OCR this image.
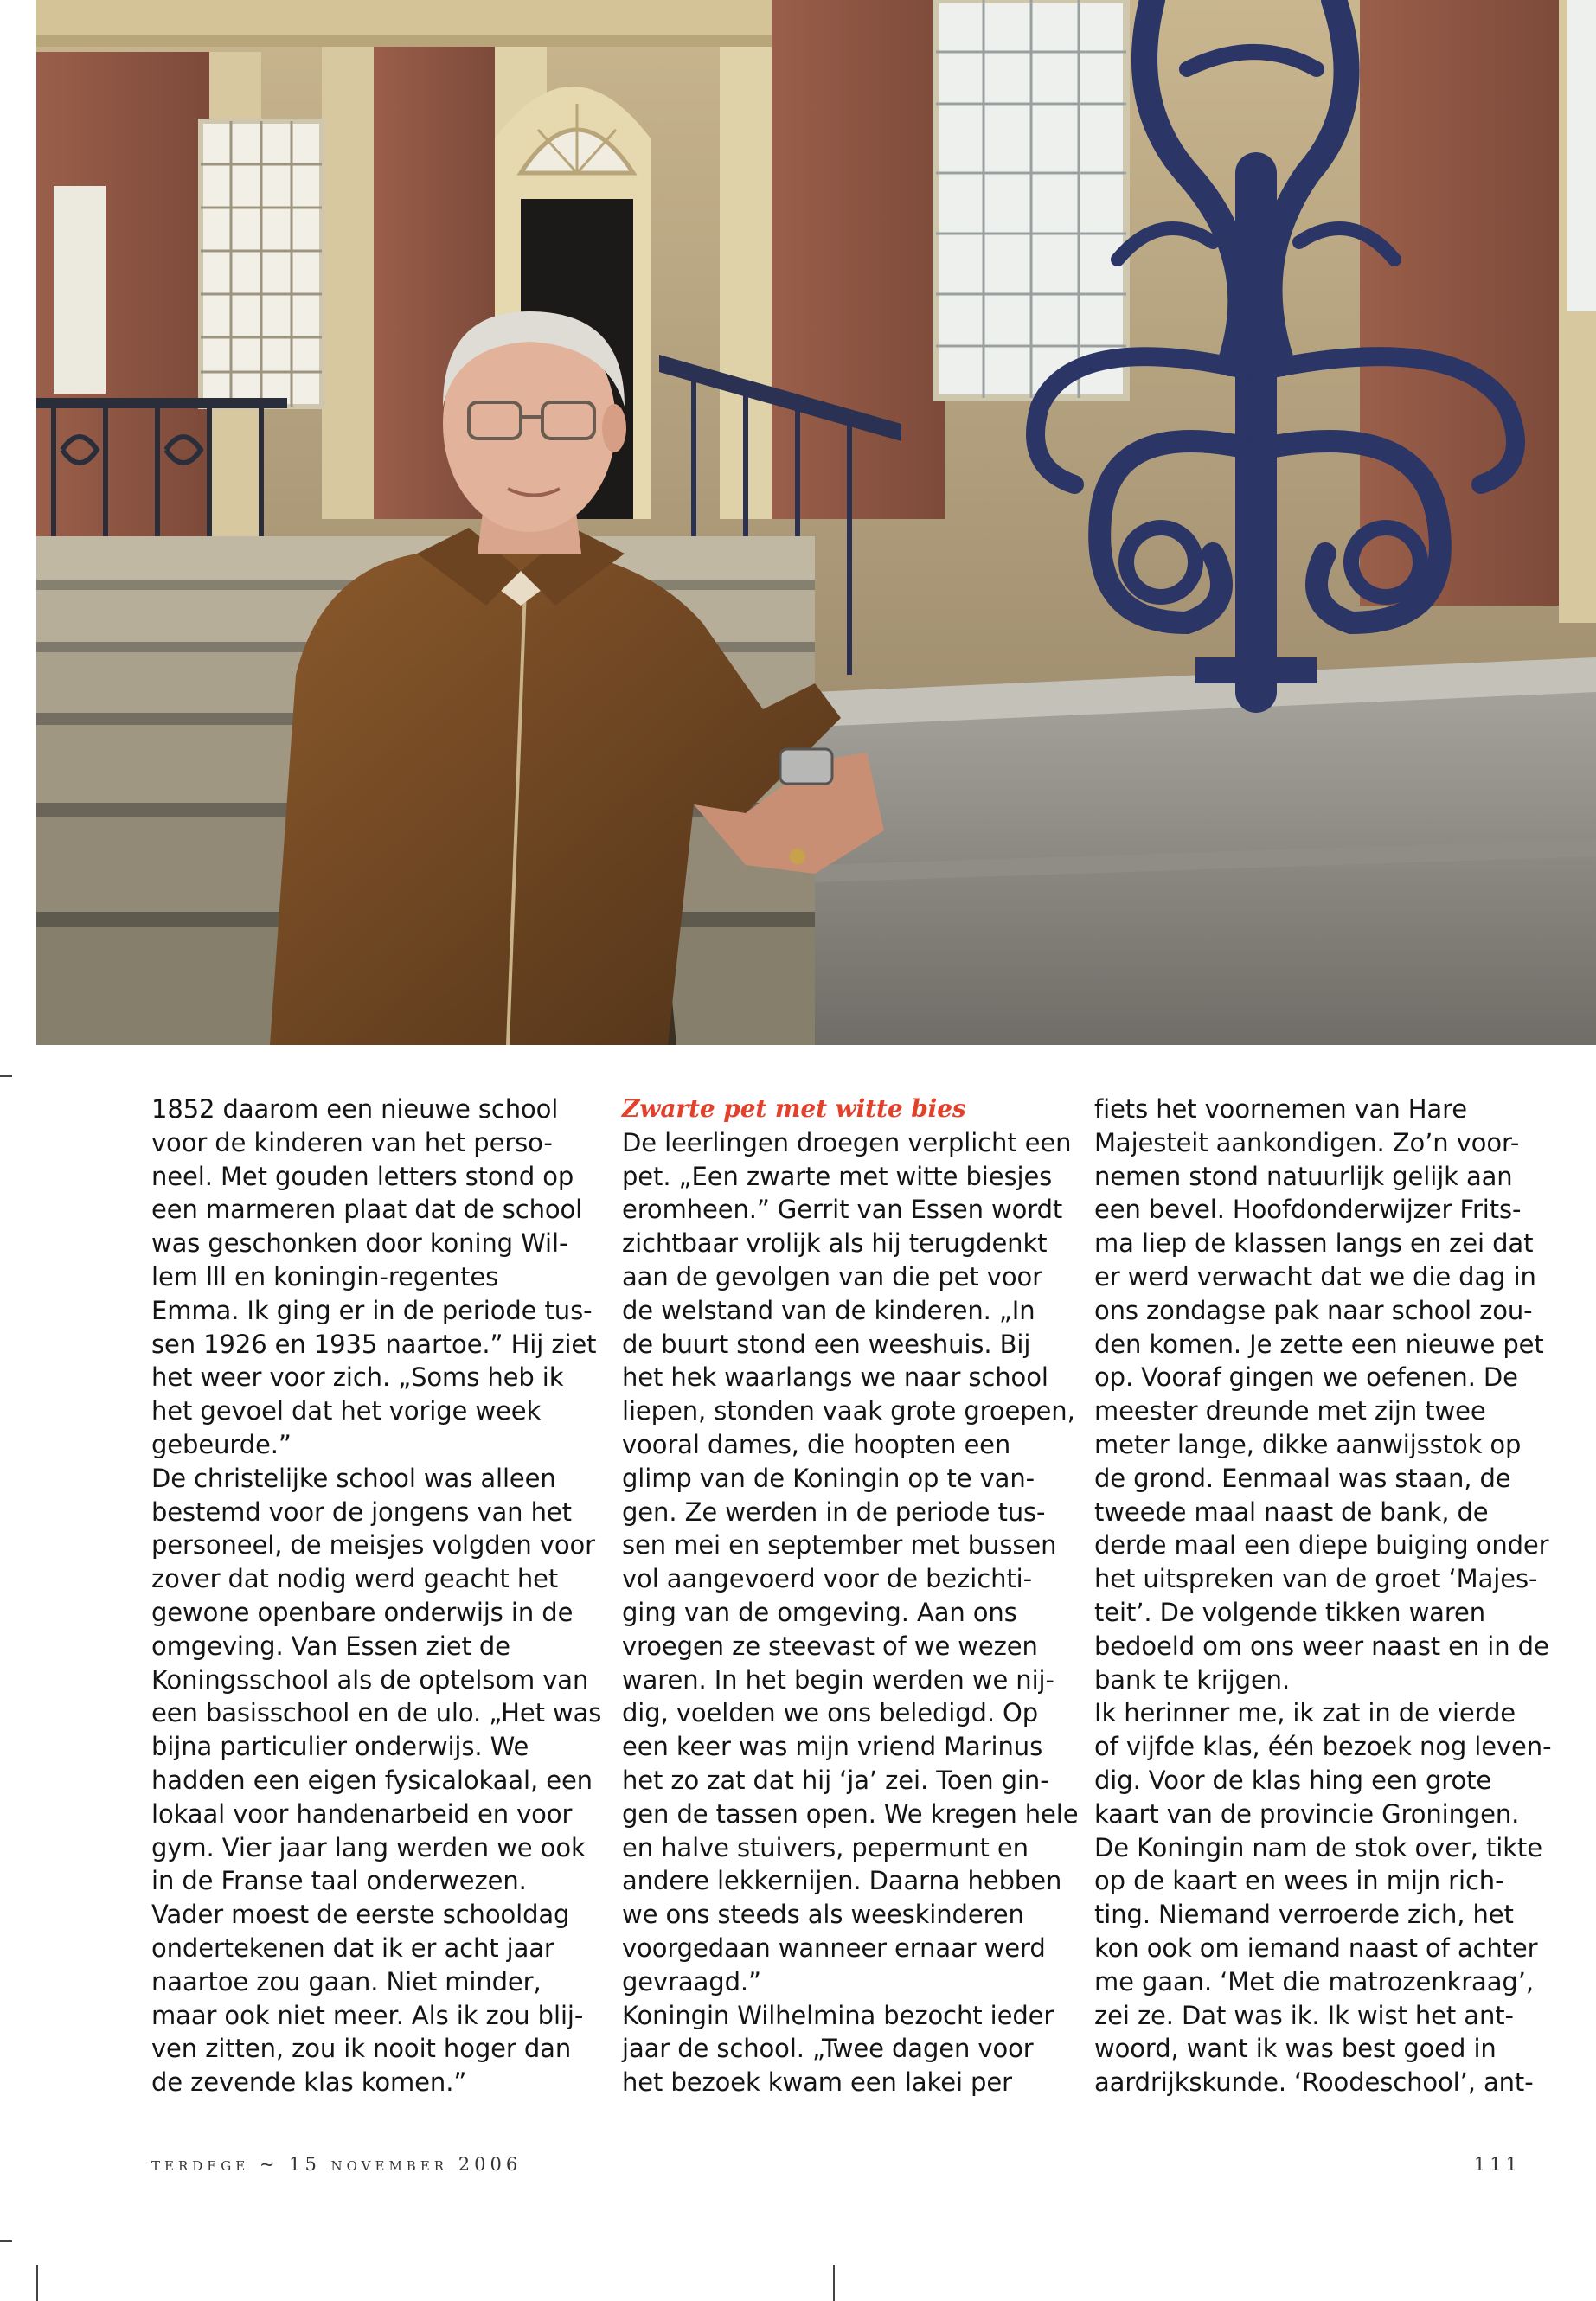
1852 daarom een nieuwe school
voor de kinderen van het perso-
neel. Met gouden letters stond op
een marmeren plaat dat de school
was geschonken door koning Wil-
lem lll en koningin-regentes
Emma. Ik ging er in de periode tus-
sen 1926 en 1935 naartoe.” Hij ziet
het weer voor zich. „Soms heb ik
het gevoel dat het vorige week
gebeurde.”
De christelijke school was alleen
bestemd voor de jongens van het
personeel, de meisjes volgden voor
zover dat nodig werd geacht het
gewone openbare onderwijs in de
omgeving. Van Essen ziet de
Koningsschool als de optelsom van
een basisschool en de ulo. „Het was
bijna particulier onderwijs. We
hadden een eigen fysicalokaal, een
lokaal voor handenarbeid en voor
gym. Vier jaar lang werden we ook
in de Franse taal onderwezen.
Vader moest de eerste schooldag
ondertekenen dat ik er acht jaar
naartoe zou gaan. Niet minder,
maar ook niet meer. Als ik zou blij-
ven zitten, zou ik nooit hoger dan
de zevende klas komen.”
Zwarte pet met witte bies
De leerlingen droegen verplicht een
pet. „Een zwarte met witte biesjes
eromheen.” Gerrit van Essen wordt
zichtbaar vrolijk als hij terugdenkt
aan de gevolgen van die pet voor
de welstand van de kinderen. „In
de buurt stond een weeshuis. Bij
het hek waarlangs we naar school
liepen, stonden vaak grote groepen,
vooral dames, die hoopten een
glimp van de Koningin op te van-
gen. Ze werden in de periode tus-
sen mei en september met bussen
vol aangevoerd voor de bezichti-
ging van de omgeving. Aan ons
vroegen ze steevast of we wezen
waren. In het begin werden we nij-
dig, voelden we ons beledigd. Op
een keer was mijn vriend Marinus
het zo zat dat hij ‘ja’ zei. Toen gin-
gen de tassen open. We kregen hele
en halve stuivers, pepermunt en
andere lekkernijen. Daarna hebben
we ons steeds als weeskinderen
voorgedaan wanneer ernaar werd
gevraagd.”
Koningin Wilhelmina bezocht ieder
jaar de school. „Twee dagen voor
het bezoek kwam een lakei per
fiets het voornemen van Hare
Majesteit aankondigen. Zo’n voor-
nemen stond natuurlijk gelijk aan
een bevel. Hoofdonderwijzer Frits-
ma liep de klassen langs en zei dat
er werd verwacht dat we die dag in
ons zondagse pak naar school zou-
den komen. Je zette een nieuwe pet
op. Vooraf gingen we oefenen. De
meester dreunde met zijn twee
meter lange, dikke aanwijsstok op
de grond. Eenmaal was staan, de
tweede maal naast de bank, de
derde maal een diepe buiging onder
het uitspreken van de groet ‘Majes-
teit’. De volgende tikken waren
bedoeld om ons weer naast en in de
bank te krijgen.
Ik herinner me, ik zat in de vierde
of vijfde klas, één bezoek nog leven-
dig. Voor de klas hing een grote
kaart van de provincie Groningen.
De Koningin nam de stok over, tikte
op de kaart en wees in mijn rich-
ting. Niemand verroerde zich, het
kon ook om iemand naast of achter
me gaan. ‘Met die matrozenkraag’,
zei ze. Dat was ik. Ik wist het ant-
woord, want ik was best goed in
aardrijkskunde. ‘Roodeschool’, ant-
terdege ~ 15 november 2006	111
